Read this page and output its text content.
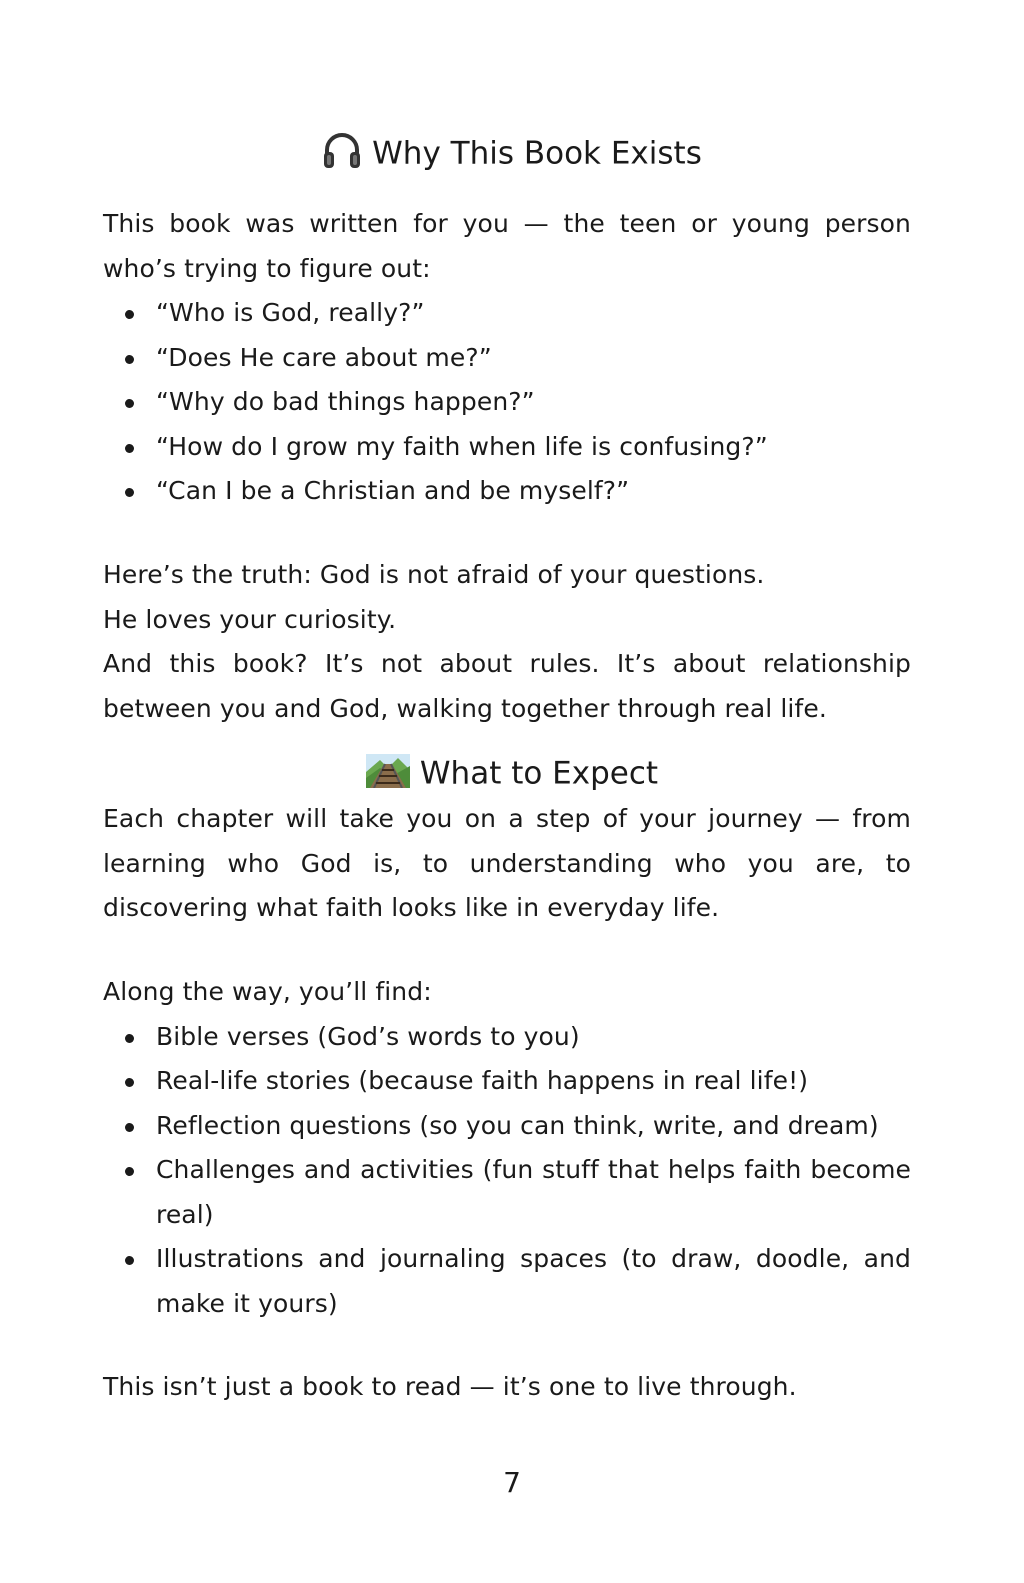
Why This Book Exists

This book was written for you — the teen or young person who’s trying to figure out:

“Who is God, really?”
“Does He care about me?”
“Why do bad things happen?”
“How do I grow my faith when life is confusing?”
“Can I be a Christian and be myself?”

Here’s the truth: God is not afraid of your questions.

He loves your curiosity.

And this book? It’s not about rules. It’s about relationship between you and God, walking together through real life.

What to Expect

Each chapter will take you on a step of your journey — from learning who God is, to understanding who you are, to discovering what faith looks like in everyday life.

Along the way, you’ll find:

Bible verses (God’s words to you)
Real-life stories (because faith happens in real life!)
Reflection questions (so you can think, write, and dream)
Challenges and activities (fun stuff that helps faith become real)
Illustrations and journaling spaces (to draw, doodle, and make it yours)

This isn’t just a book to read — it’s one to live through.

7
